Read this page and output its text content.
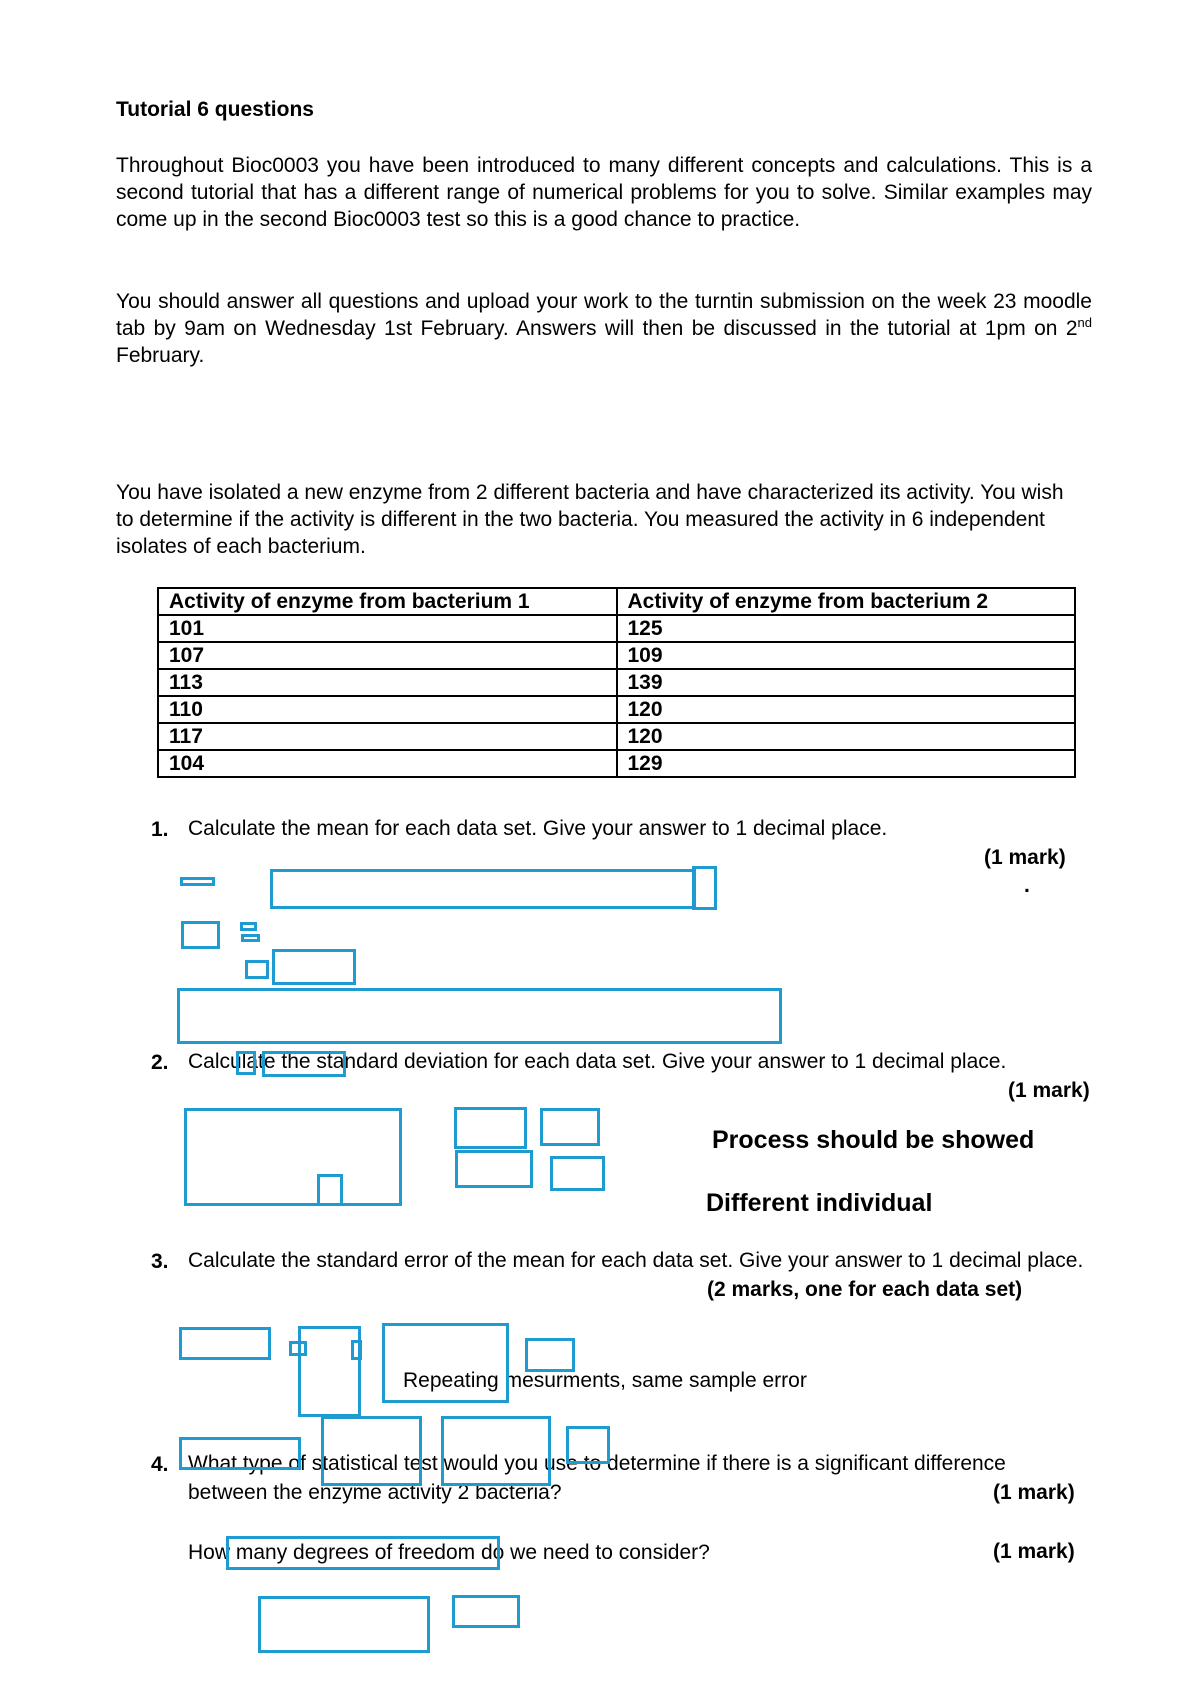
Tutorial 6 questions
Throughout Bioc0003 you have been introduced to many different concepts and calculations. This is a second tutorial that has a different range of numerical problems for you to solve. Similar examples may come up in the second Bioc0003 test so this is a good chance to practice.
You should answer all questions and upload your work to the turntin submission on the week 23 moodle tab by 9am on Wednesday 1st February. Answers will then be discussed in the tutorial at 1pm on 2nd February.
You have isolated a new enzyme from 2 different bacteria and have characterized its activity. You wish to determine if the activity is different in the two bacteria. You measured the activity in 6 independent isolates of each bacterium.
Activity of enzyme from bacterium 1	Activity of enzyme from bacterium 2
101	125
107	109
113	139
110	120
117	120
104	129
1. Calculate the mean for each data set. Give your answer to 1 decimal place.
(1 mark)
.
2. Calculate the standard deviation for each data set. Give your answer to 1 decimal place.
(1 mark)
Process should be showed
Different individual
3. Calculate the standard error of the mean for each data set. Give your answer to 1 decimal place.
(2 marks, one for each data set)
Repeating mesurments, same sample error
4. What type of statistical test would you use to determine if there is a significant difference between the enzyme activity 2 bacteria?	(1 mark)
How many degrees of freedom do we need to consider?	(1 mark)
